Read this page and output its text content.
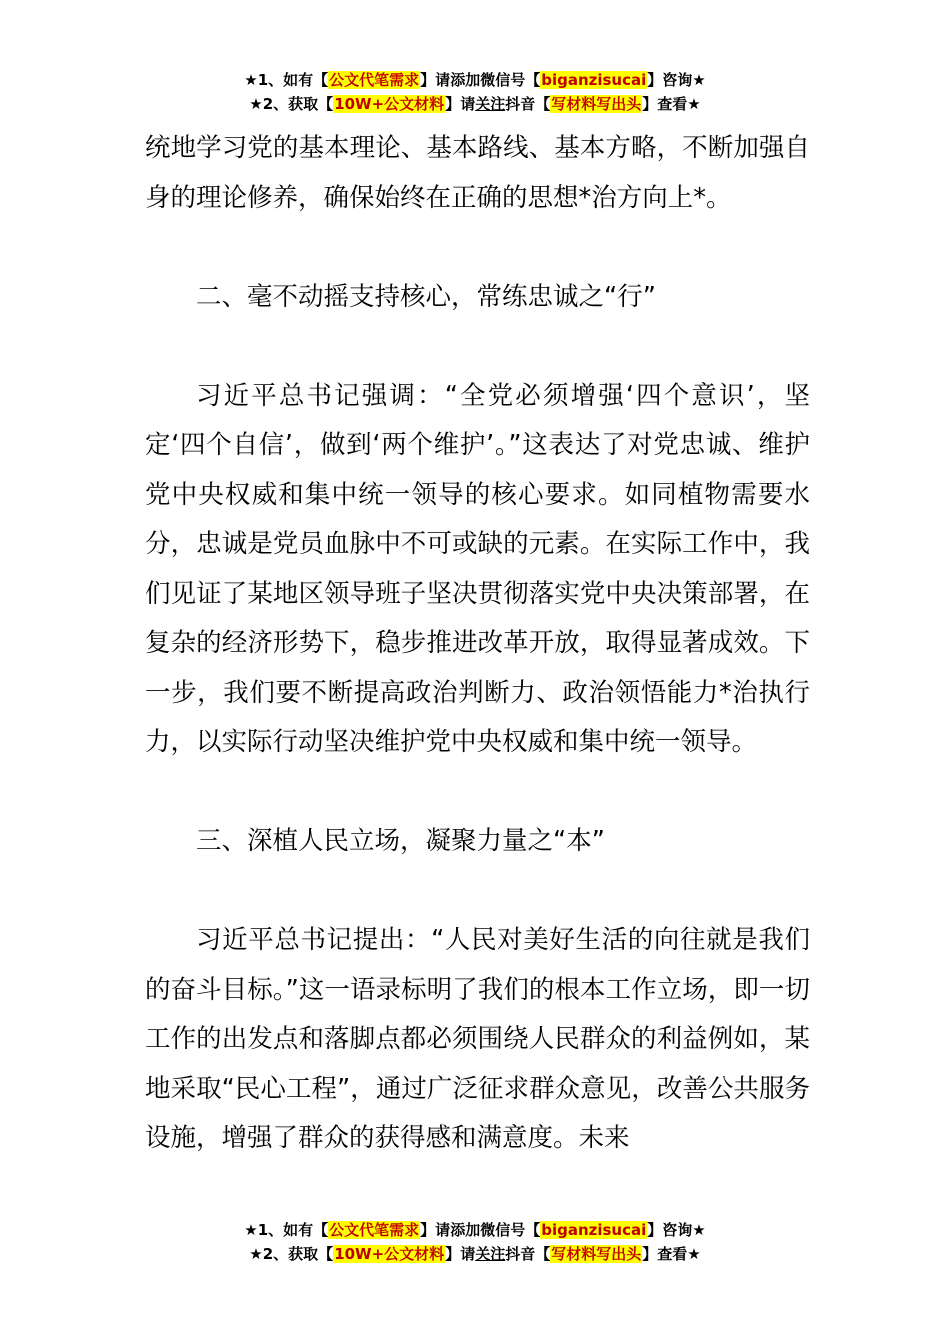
★1、如有【公文代笔需求】请添加微信号【biganzisucai】咨询★
★2、获取【10W+公文材料】请关注抖音【写材料写出头】查看★

统地学习党的基本理论、基本路线、基本方略，不断加强自身的理论修养，确保始终在正确的思想*治方向上*。

二、毫不动摇支持核心，常练忠诚之“行”

习近平总书记强调：“全党必须增强‘四个意识’，坚定‘四个自信’，做到‘两个维护’。”这表达了对党忠诚、维护党中央权威和集中统一领导的核心要求。如同植物需要水分，忠诚是党员血脉中不可或缺的元素。在实际工作中，我们见证了某地区领导班子坚决贯彻落实党中央决策部署，在复杂的经济形势下，稳步推进改革开放，取得显著成效。下一步，我们要不断提高政治判断力、政治领悟能力*治执行力，以实际行动坚决维护党中央权威和集中统一领导。

三、深植人民立场，凝聚力量之“本”

习近平总书记提出：“人民对美好生活的向往就是我们的奋斗目标。”这一语录标明了我们的根本工作立场，即一切工作的出发点和落脚点都必须围绕人民群众的利益例如，某地采取“民心工程”，通过广泛征求群众意见，改善公共服务设施，增强了群众的获得感和满意度。未来

★1、如有【公文代笔需求】请添加微信号【biganzisucai】咨询★
★2、获取【10W+公文材料】请关注抖音【写材料写出头】查看★
